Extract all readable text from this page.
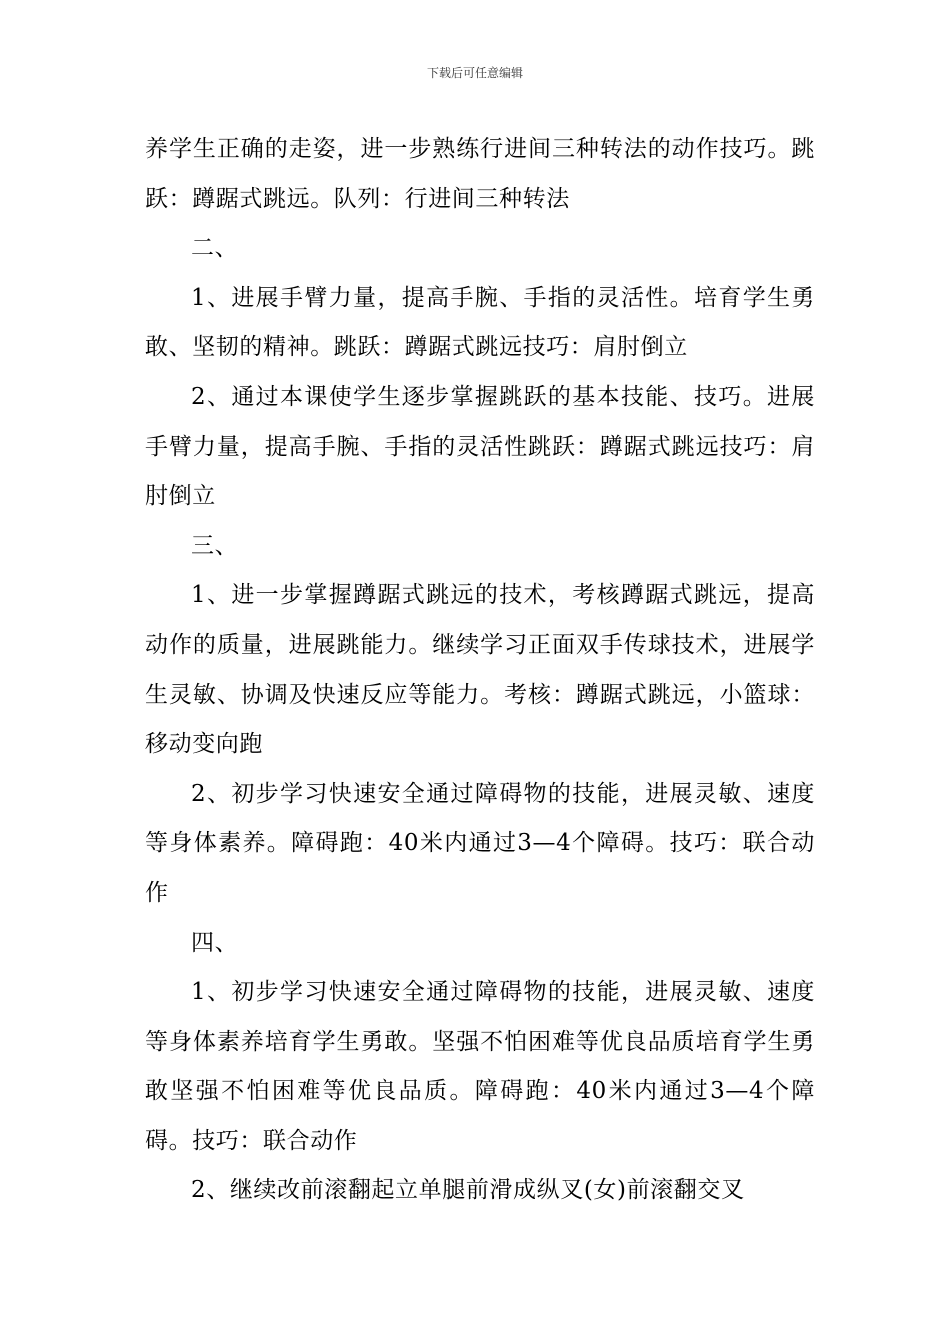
下载后可任意编辑

养学生正确的走姿，进一步熟练行进间三种转法的动作技巧。跳跃：蹲踞式跳远。队列：行进间三种转法

二、

1、进展手臂力量，提高手腕、手指的灵活性。培育学生勇敢、坚韧的精神。跳跃：蹲踞式跳远技巧：肩肘倒立

2、通过本课使学生逐步掌握跳跃的基本技能、技巧。进展手臂力量，提高手腕、手指的灵活性跳跃：蹲踞式跳远技巧：肩肘倒立

三、

1、进一步掌握蹲踞式跳远的技术，考核蹲踞式跳远，提高动作的质量，进展跳能力。继续学习正面双手传球技术，进展学生灵敏、协调及快速反应等能力。考核：蹲踞式跳远，小篮球：移动变向跑

2、初步学习快速安全通过障碍物的技能，进展灵敏、速度等身体素养。障碍跑：40米内通过3—4个障碍。技巧：联合动作

四、

1、初步学习快速安全通过障碍物的技能，进展灵敏、速度等身体素养培育学生勇敢。坚强不怕困难等优良品质培育学生勇敢坚强不怕困难等优良品质。障碍跑：40米内通过3—4个障碍。技巧：联合动作

2、继续改前滚翻起立单腿前滑成纵叉(女)前滚翻交叉
